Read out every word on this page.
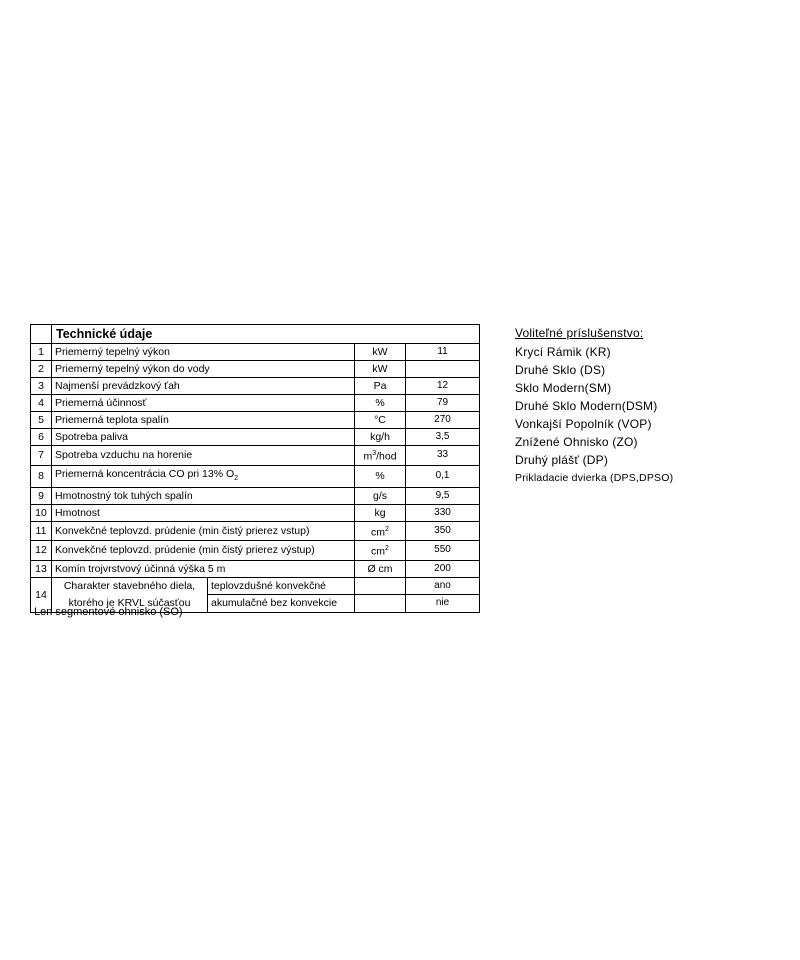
	Technické údaje			
1	Priemerný tepelný výkon		kW	11
2	Priemerný tepelný výkon do vody		kW	
3	Najmenší prevádzkový ťah		Pa	12
4	Priemerná účinnosť		%	79
5	Priemerná teplota spalín		°C	270
6	Spotreba paliva		kg/h	3,5
7	Spotreba vzduchu na horenie		$m^3$/hod	33
8	Priemerná koncentrácia CO pri 13% $O_2$		%	0,1
9	Hmotnostný tok tuhých spalín		g/s	9,5
10	Hmotnost		kg	330
11	Konvekčné teplovzd. prúdenie (min čistý prierez vstup)		$cm^2$	350
12	Konvekčné teplovzd. prúdenie (min čistý prierez výstup)		$cm^2$	550
13	Komín trojvrstvový účinná výška 5 m		Ø cm	200
14	Charakter stavebného diela,
ktorého je KRVL súčasťou	teplovzdušné konvekčné		ano
		akumulačné bez konvekcie		nie
Len segmentové ohnisko (SO)
Voliteľné príslušenstvo:
Krycí Rámik (KR)
Druhé Sklo (DS)
Sklo Modern(SM)
Druhé Sklo Modern(DSM)
Vonkajší Popolník (VOP)
Znížené Ohnisko (ZO)
Druhý plášť (DP)
Prikladacie dvierka (DPS,DPSO)
